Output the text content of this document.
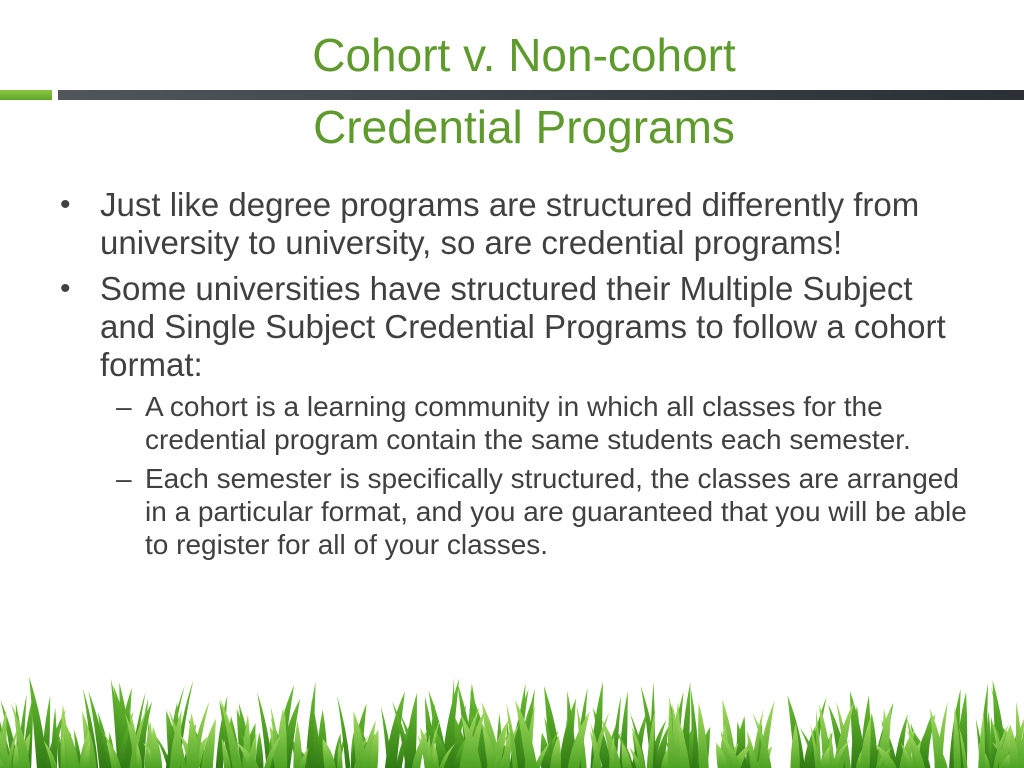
Cohort v. Non-cohort
Credential Programs
• Just like degree programs are structured differently from university to university, so are credential programs!
• Some universities have structured their Multiple Subject and Single Subject Credential Programs to follow a cohort format:
– A cohort is a learning community in which all classes for the credential program contain the same students each semester.
– Each semester is specifically structured, the classes are arranged in a particular format, and you are guaranteed that you will be able to register for all of your classes.
